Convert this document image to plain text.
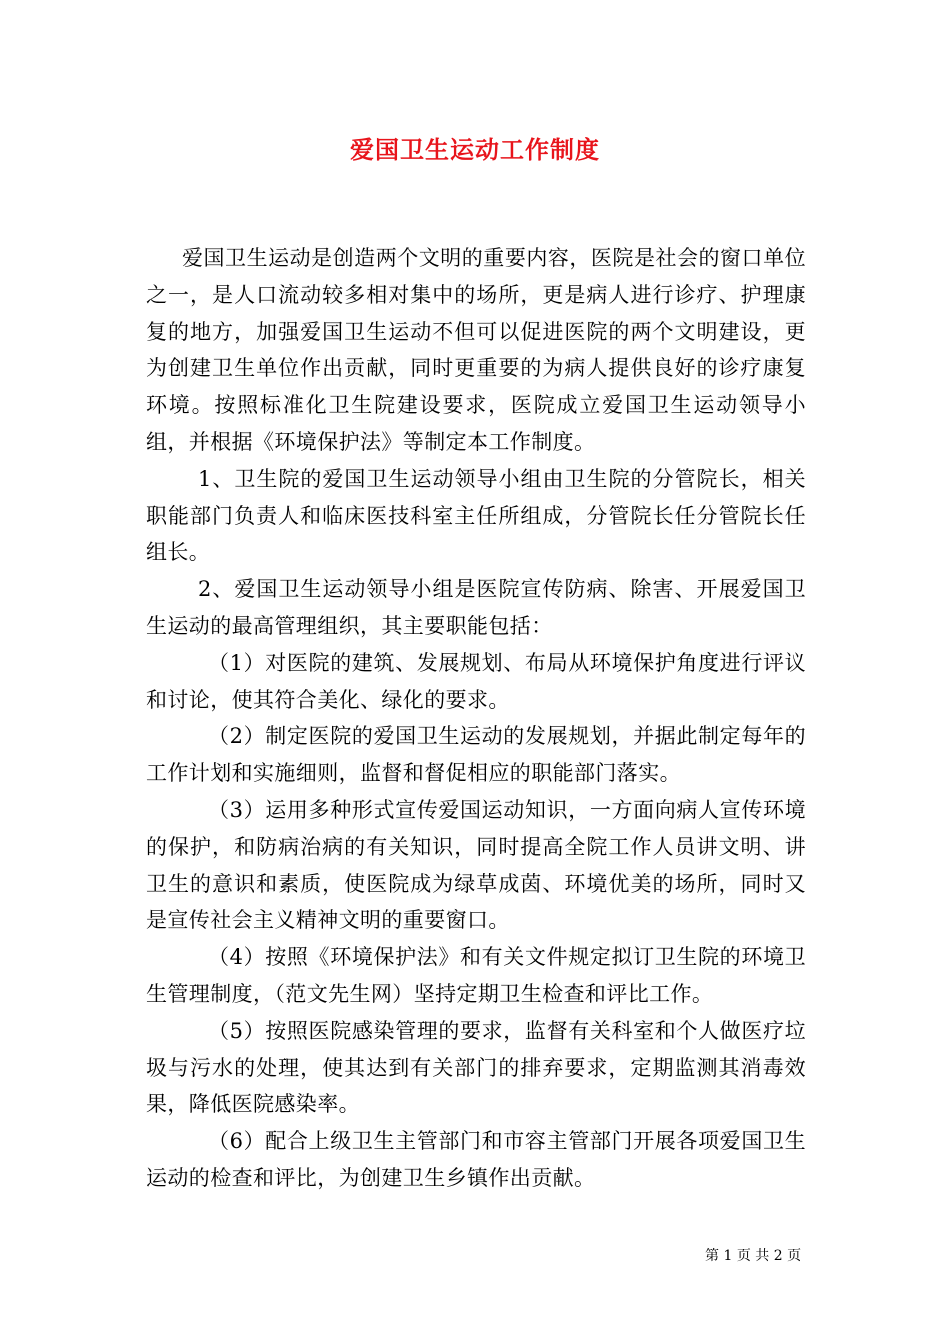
爱国卫生运动工作制度

爱国卫生运动是创造两个文明的重要内容，医院是社会的窗口单位之一，是人口流动较多相对集中的场所，更是病人进行诊疗、护理康复的地方，加强爱国卫生运动不但可以促进医院的两个文明建设，更为创建卫生单位作出贡献，同时更重要的为病人提供良好的诊疗康复环境。按照标准化卫生院建设要求，医院成立爱国卫生运动领导小组，并根据《环境保护法》等制定本工作制度。

1、卫生院的爱国卫生运动领导小组由卫生院的分管院长，相关职能部门负责人和临床医技科室主任所组成，分管院长任分管院长任组长。

2、爱国卫生运动领导小组是医院宣传防病、除害、开展爱国卫生运动的最高管理组织，其主要职能包括：

（1）对医院的建筑、发展规划、布局从环境保护角度进行评议和讨论，使其符合美化、绿化的要求。

（2）制定医院的爱国卫生运动的发展规划，并据此制定每年的工作计划和实施细则，监督和督促相应的职能部门落实。

（3）运用多种形式宣传爱国运动知识，一方面向病人宣传环境的保护，和防病治病的有关知识，同时提高全院工作人员讲文明、讲卫生的意识和素质，使医院成为绿草成茵、环境优美的场所，同时又是宣传社会主义精神文明的重要窗口。

（4）按照《环境保护法》和有关文件规定拟订卫生院的环境卫生管理制度，（范文先生网）坚持定期卫生检查和评比工作。

（5）按照医院感染管理的要求，监督有关科室和个人做医疗垃圾与污水的处理，使其达到有关部门的排弃要求，定期监测其消毒效果，降低医院感染率。

（6）配合上级卫生主管部门和市容主管部门开展各项爱国卫生运动的检查和评比，为创建卫生乡镇作出贡献。

第 1 页 共 2 页
